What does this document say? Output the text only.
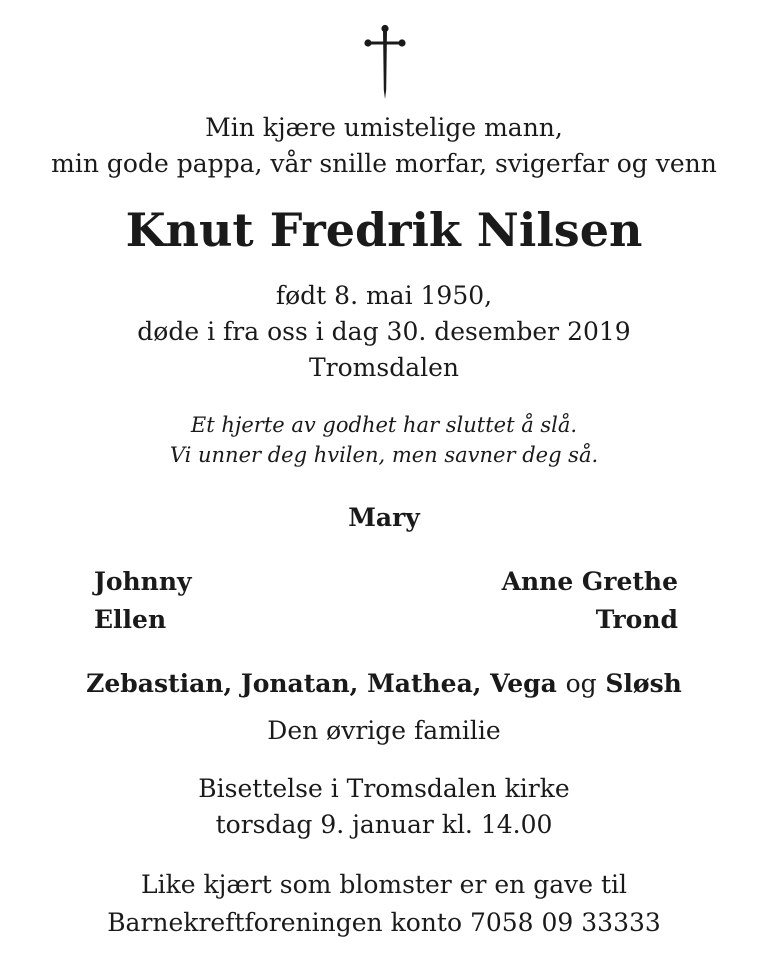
Min kjære umistelige mann,
min gode pappa, vår snille morfar, svigerfar og venn
Knut Fredrik Nilsen
født 8. mai 1950,
døde i fra oss i dag 30. desember 2019
Tromsdalen
Et hjerte av godhet har sluttet å slå.
Vi unner deg hvilen, men savner deg så.
Mary
Johnny
Ellen
Anne Grethe
Trond
Zebastian, Jonatan, Mathea, Vega og Sløsh
Den øvrige familie
Bisettelse i Tromsdalen kirke
torsdag 9. januar kl. 14.00
Like kjært som blomster er en gave til
Barnekreftforeningen konto 7058 09 33333
